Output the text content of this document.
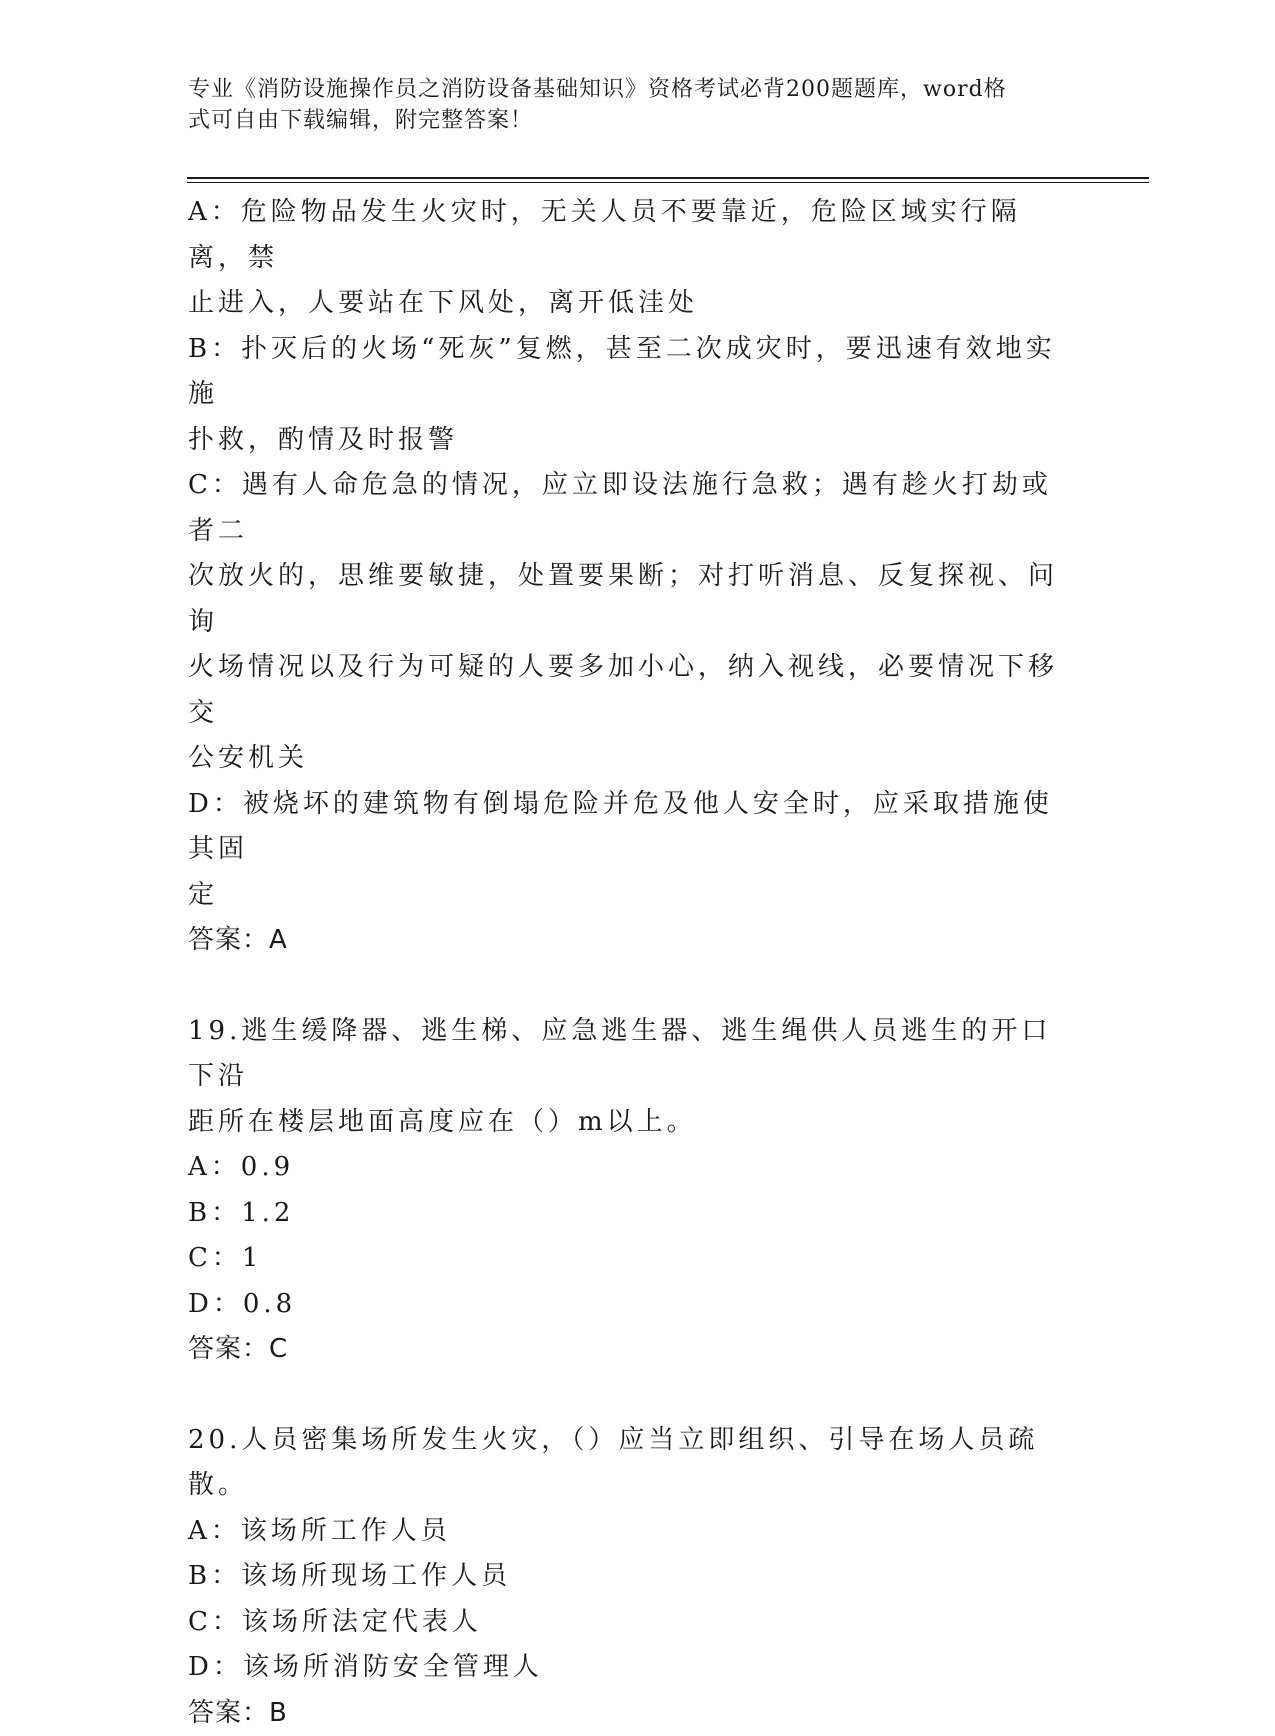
专业《消防设施操作员之消防设备基础知识》资格考试必背200题题库，word格
式可自由下载编辑，附完整答案！

A：危险物品发生火灾时，无关人员不要靠近，危险区域实行隔离，禁

止进入，人要站在下风处，离开低洼处

B：扑灭后的火场“死灰”复燃，甚至二次成灾时，要迅速有效地实施

扑救，酌情及时报警

C：遇有人命危急的情况，应立即设法施行急救；遇有趁火打劫或者二

次放火的，思维要敏捷，处置要果断；对打听消息、反复探视、问询

火场情况以及行为可疑的人要多加小心，纳入视线，必要情况下移交

公安机关

D：被烧坏的建筑物有倒塌危险并危及他人安全时，应采取措施使其固

定

答案：A

19.逃生缓降器、逃生梯、应急逃生器、逃生绳供人员逃生的开口下沿

距所在楼层地面高度应在（）m以上。

A：0.9

B：1.2

C：1

D：0.8

答案：C

20.人员密集场所发生火灾，（）应当立即组织、引导在场人员疏散。

A：该场所工作人员

B：该场所现场工作人员

C：该场所法定代表人

D：该场所消防安全管理人

答案：B
